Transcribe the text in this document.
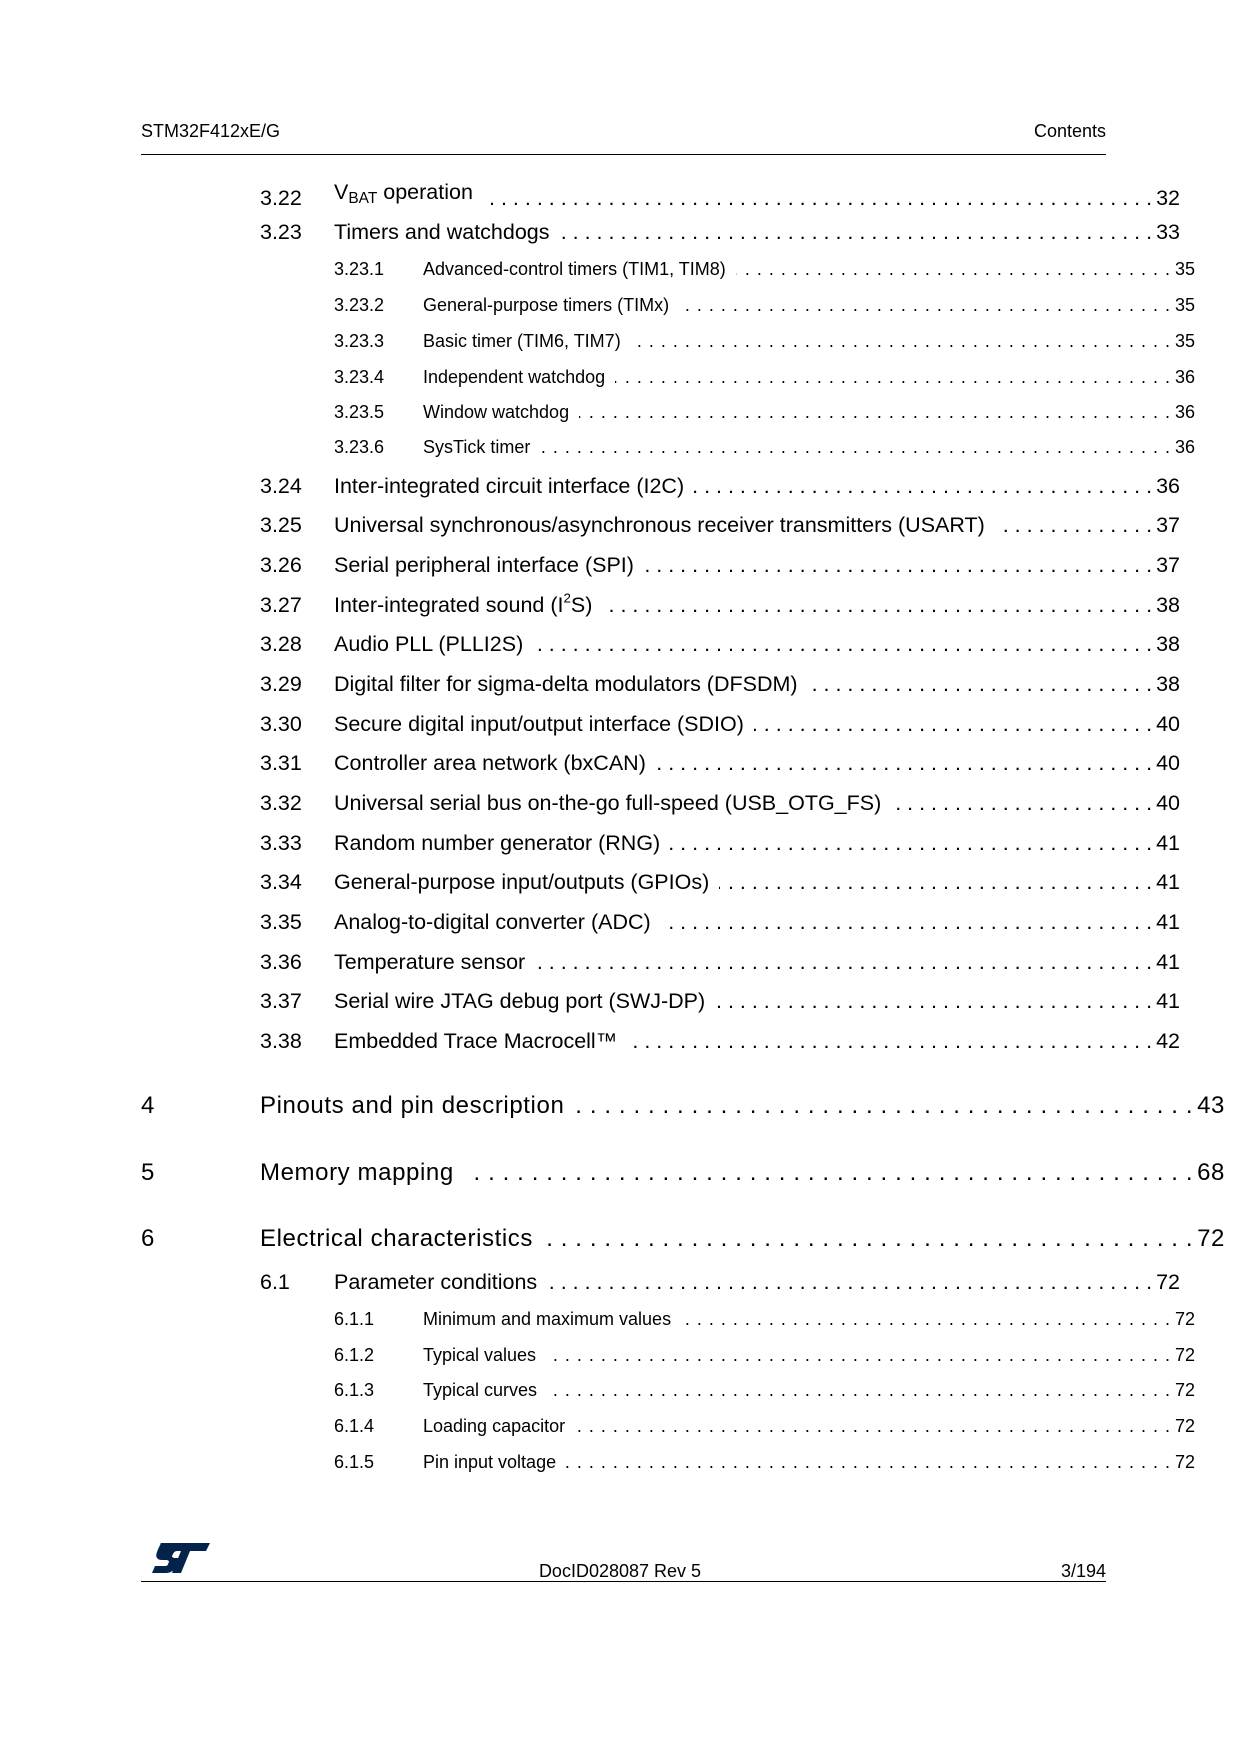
STM32F412xE/G	Contents
3.22 $V_{BAT}$ operation . . .	32
3.23 Timers and watchdogs . . .	33
3.23.1 Advanced-control timers (TIM1, TIM8) . . .	35
3.23.2 General-purpose timers (TIMx) . . .	35
3.23.3 Basic timer (TIM6, TIM7) . . .	35
3.23.4 Independent watchdog . . .	36
3.23.5 Window watchdog . . .	36
3.23.6 SysTick timer . . .	36
3.24 Inter-integrated circuit interface (I2C) . . .	36
3.25 Universal synchronous/asynchronous receiver transmitters (USART) . . .	37
3.26 Serial peripheral interface (SPI) . . .	37
3.27 Inter-integrated sound $(I^2S)$ . . .	38
3.28 Audio PLL (PLLI2S) . . .	38
3.29 Digital filter for sigma-delta modulators (DFSDM) . . .	38
3.30 Secure digital input/output interface (SDIO) . . .	40
3.31 Controller area network (bxCAN) . . .	40
3.32 Universal serial bus on-the-go full-speed (USB_OTG_FS) . . .	40
3.33 Random number generator (RNG) . . .	41
3.34 General-purpose input/outputs (GPIOs) . . .	41
3.35 Analog-to-digital converter (ADC) . . .	41
3.36 Temperature sensor . . .	41
3.37 Serial wire JTAG debug port (SWJ-DP) . . .	41
3.38 Embedded Trace Macrocell™ . . .	42
4	Pinouts and pin description . . .	43
5	Memory mapping . . .	68
6	Electrical characteristics . . .	72
6.1 Parameter conditions . . .	72
6.1.1	Minimum and maximum values . . .	72
6.1.2	Typical values . . .	72
6.1.3	Typical curves . . .	72
6.1.4	Loading capacitor . . .	72
6.1.5	Pin input voltage . . .	72
DocID028087 Rev 5	3/194
